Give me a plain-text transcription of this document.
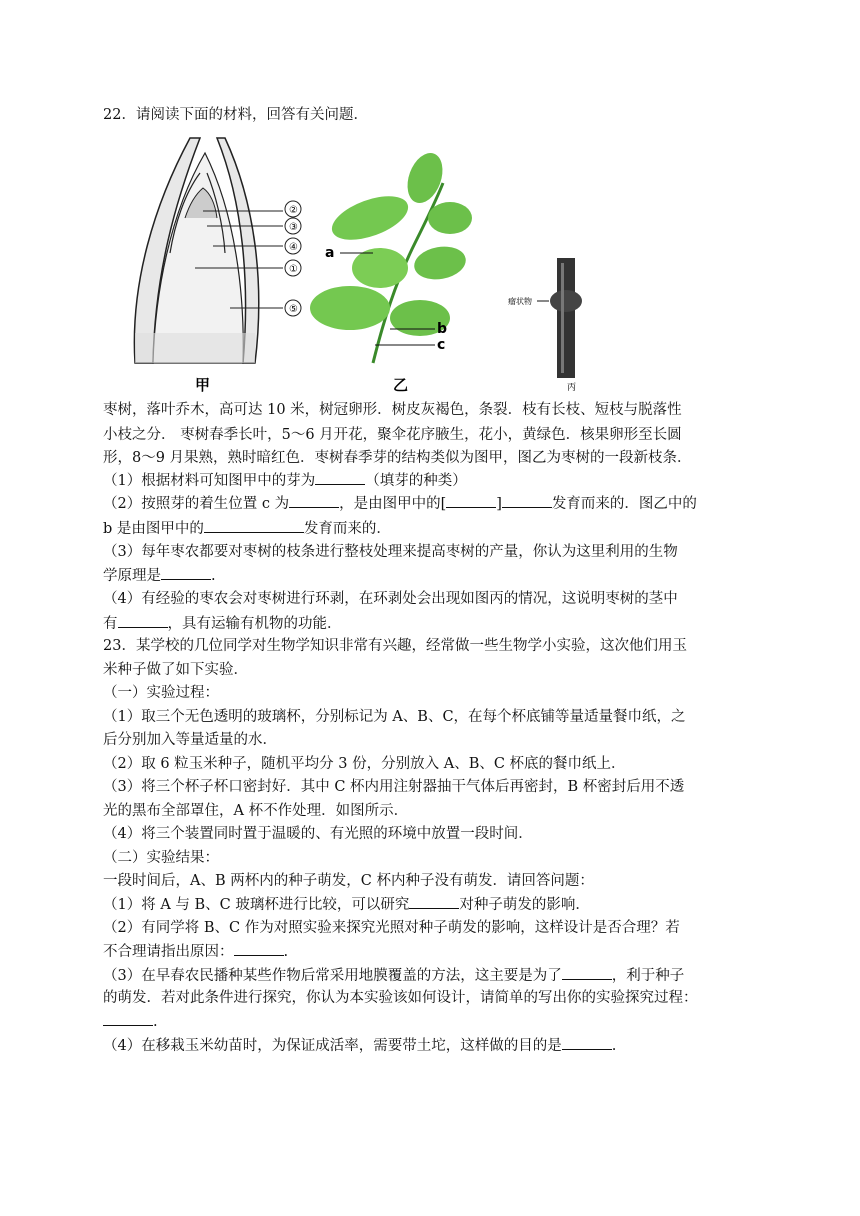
22．请阅读下面的材料，回答有关问题．
②
③
④
①
⑤
甲
a
b
c
乙
瘤状物
丙
枣树，落叶乔木，高可达 10 米，树冠卵形．树皮灰褐色，条裂．枝有长枝、短枝与脱落性
小枝之分． 枣树春季长叶，5～6 月开花，聚伞花序腋生，花小，黄绿色．核果卵形至长圆
形，8～9 月果熟，熟时暗红色．枣树春季芽的结构类似为图甲，图乙为枣树的一段新枝条．
（1）根据材料可知图甲中的芽为	（填芽的种类）
（2）按照芽的着生位置 c 为	，是由图甲中的[	]	发育而来的．图乙中的
b 是由图甲中的	发育而来的．
（3）每年枣农都要对枣树的枝条进行整枝处理来提高枣树的产量，你认为这里利用的生物
学原理是	.
（4）有经验的枣农会对枣树进行环剥，在环剥处会出现如图丙的情况，这说明枣树的茎中
有	，具有运输有机物的功能．
23．某学校的几位同学对生物学知识非常有兴趣，经常做一些生物学小实验，这次他们用玉
米种子做了如下实验．
（一）实验过程：
（1）取三个无色透明的玻璃杯，分别标记为 A、B、C，在每个杯底铺等量适量餐巾纸，之
后分别加入等量适量的水．
（2）取 6 粒玉米种子，随机平均分 3 份，分别放入 A、B、C 杯底的餐巾纸上．
（3）将三个杯子杯口密封好．其中 C 杯内用注射器抽干气体后再密封，B 杯密封后用不透
光的黑布全部罩住，A 杯不作处理．如图所示．
（4）将三个装置同时置于温暖的、有光照的环境中放置一段时间．
（二）实验结果：
一段时间后，A、B 两杯内的种子萌发，C 杯内种子没有萌发．请回答问题：
（1）将 A 与 B、C 玻璃杯进行比较，可以研究	对种子萌发的影响．
（2）有同学将 B、C 作为对照实验来探究光照对种子萌发的影响，这样设计是否合理？若
不合理请指出原因：	.
（3）在早春农民播种某些作物后常采用地膜覆盖的方法，这主要是为了	，利于种子
的萌发．若对此条件进行探究，你认为本实验该如何设计，请简单的写出你的实验探究过程：
.
（4）在移栽玉米幼苗时，为保证成活率，需要带土坨，这样做的目的是	.
